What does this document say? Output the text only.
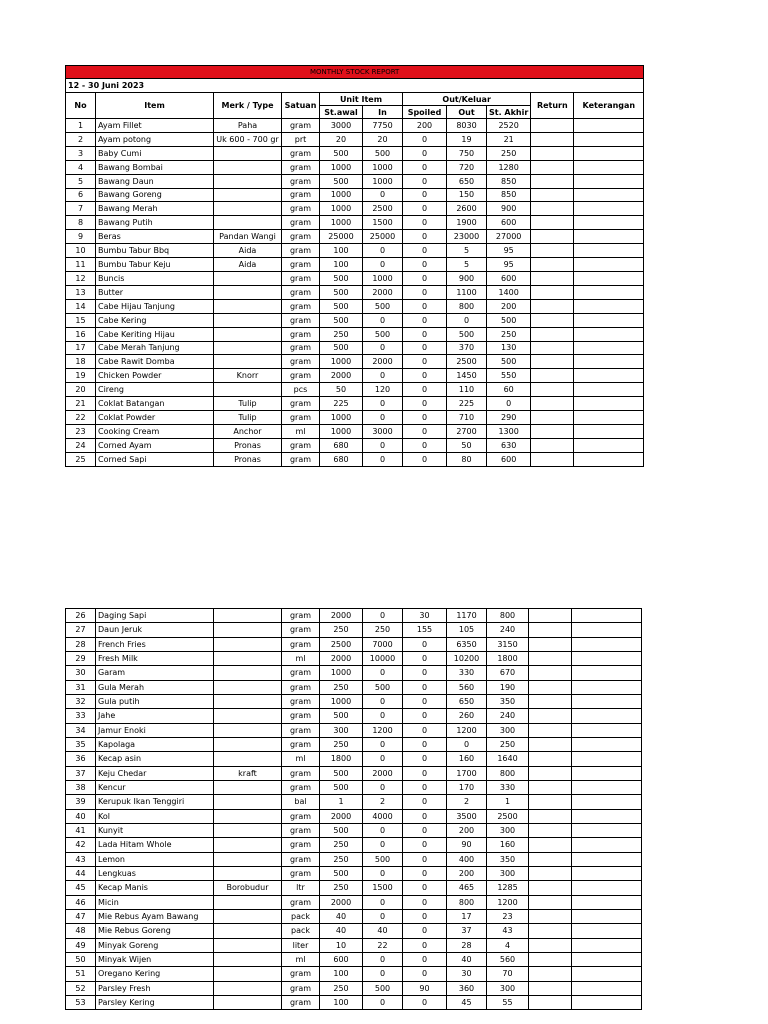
MONTHLY STOCK REPORT										
12 - 30 Juni 2023										
No	Item	Merk / Type	Satuan	Unit Item		Out/Keluar			Return	Keterangan
				St.awal	In	Spoiled	Out	St. Akhir		
1	Ayam Fillet	Paha	gram	3000	7750	200	8030	2520		
2	Ayam potong	Uk 600 - 700 gr	prt	20	20	0	19	21		
3	Baby Cumi		gram	500	500	0	750	250		
4	Bawang Bombai		gram	1000	1000	0	720	1280		
5	Bawang Daun		gram	500	1000	0	650	850		
6	Bawang Goreng		gram	1000	0	0	150	850		
7	Bawang Merah		gram	1000	2500	0	2600	900		
8	Bawang Putih		gram	1000	1500	0	1900	600		
9	Beras	Pandan Wangi	gram	25000	25000	0	23000	27000		
10	Bumbu Tabur Bbq	Aida	gram	100	0	0	5	95		
11	Bumbu Tabur Keju	Aida	gram	100	0	0	5	95		
12	Buncis		gram	500	1000	0	900	600		
13	Butter		gram	500	2000	0	1100	1400		
14	Cabe Hijau Tanjung		gram	500	500	0	800	200		
15	Cabe Kering		gram	500	0	0	0	500		
16	Cabe Keriting Hijau		gram	250	500	0	500	250		
17	Cabe Merah Tanjung		gram	500	0	0	370	130		
18	Cabe Rawit Domba		gram	1000	2000	0	2500	500		
19	Chicken Powder	Knorr	gram	2000	0	0	1450	550		
20	Cireng		pcs	50	120	0	110	60		
21	Coklat Batangan	Tulip	gram	225	0	0	225	0		
22	Coklat Powder	Tulip	gram	1000	0	0	710	290		
23	Cooking Cream	Anchor	ml	1000	3000	0	2700	1300		
24	Corned Ayam	Pronas	gram	680	0	0	50	630		
25	Corned Sapi	Pronas	gram	680	0	0	80	600		
26	Daging Sapi		gram	2000	0	30	1170	800		
27	Daun Jeruk		gram	250	250	155	105	240		
28	French Fries		gram	2500	7000	0	6350	3150		
29	Fresh Milk		ml	2000	10000	0	10200	1800		
30	Garam		gram	1000	0	0	330	670		
31	Gula Merah		gram	250	500	0	560	190		
32	Gula putih		gram	1000	0	0	650	350		
33	Jahe		gram	500	0	0	260	240		
34	Jamur Enoki		gram	300	1200	0	1200	300		
35	Kapolaga		gram	250	0	0	0	250		
36	Kecap asin		ml	1800	0	0	160	1640		
37	Keju Chedar	kraft	gram	500	2000	0	1700	800		
38	Kencur		gram	500	0	0	170	330		
39	Kerupuk Ikan Tenggiri		bal	1	2	0	2	1		
40	Kol		gram	2000	4000	0	3500	2500		
41	Kunyit		gram	500	0	0	200	300		
42	Lada Hitam Whole		gram	250	0	0	90	160		
43	Lemon		gram	250	500	0	400	350		
44	Lengkuas		gram	500	0	0	200	300		
45	Kecap Manis	Borobudur	ltr	250	1500	0	465	1285		
46	Micin		gram	2000	0	0	800	1200		
47	Mie Rebus Ayam Bawang		pack	40	0	0	17	23		
48	Mie Rebus Goreng		pack	40	40	0	37	43		
49	Minyak Goreng		liter	10	22	0	28	4		
50	Minyak Wijen		ml	600	0	0	40	560		
51	Oregano Kering		gram	100	0	0	30	70		
52	Parsley Fresh		gram	250	500	90	360	300		
53	Parsley Kering		gram	100	0	0	45	55		
